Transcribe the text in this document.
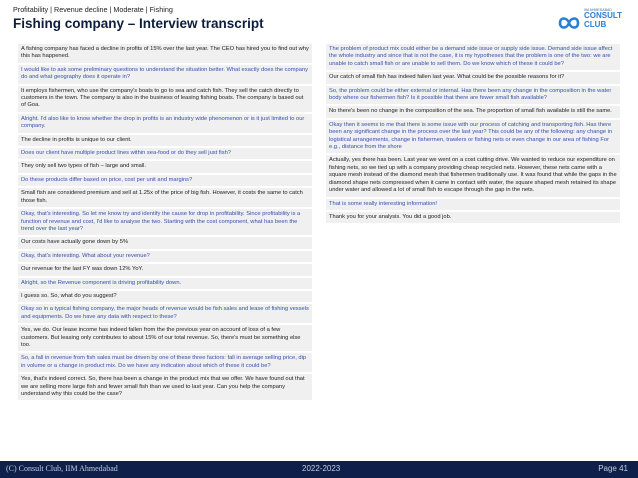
Profitability | Revenue decline | Moderate | Fishing
Fishing company – Interview transcript
IIM AHMEDABAD
CONSULT
CLUB
A fishing company has faced a decline in profits of 15% over the last year. The CEO has hired you to find out why this has happened.
I would like to ask some preliminary questions to understand the situation better. What exactly does the company do and what geography does it operate in?
It employs fishermen, who use the company's boats to go to sea and catch fish. They sell the catch directly to customers in the town. The company is also in the business of leasing fishing boats. The company is based out of Goa.
Alright. I'd also like to know whether the drop in profits is an industry wide phenomenon or is it just limited to our company.
The decline in profits is unique to our client.
Does our client have multiple product lines within sea-food or do they sell just fish?
They only sell two types of fish – large and small.
Do these products differ based on price, cost per unit and margins?
Small fish are considered premium and sell at 1.25x of the price of big fish. However, it costs the same to catch those fish.
Okay, that's interesting. So let me know try and identify the cause for drop in profitability. Since profitability is a function of revenue and cost, I'd like to analyse the two. Starting with the cost component, what has been the trend over the last year?
Our costs have actually gone down by 5%
Okay, that's interesting. What about your revenue?
Our revenue for the last FY was down 12% YoY.
Alright, so the Revenue component is driving profitability down.
I guess so. So, what do you suggest?
Okay so in a typical fishing company, the major heads of revenue would be fish sales and lease of fishing vessels and equipments. Do we have any data with respect to these?
Yes, we do. Our lease income has indeed fallen from the the previous year on account of loss of a few customers. But leasing only contributes to about 15% of our total revenue. So, there's must be something else too.
So, a fall in revenue from fish sales must be driven by one of these three factors: fall in average selling price, dip in volume or a change in product mix. Do we have any indication about which of these it could be?
Yes, that's indeed correct. So, there has been a change in the product mix that we offer. We have found out that we are selling more large fish and fewer small fish than we used to last year. Can you help the company understand why this could be the case?
The problem of product mix could either be a demand side issue or supply side issue. Demand side issue affect the whole industry and since that is not the case, it is my hypotheses that the problem is one of the two: we are unable to catch small fish or are unable to sell them. Do we know which of these it could be?
Our catch of small fish has indeed fallen last year. What could be the possible reasons for it?
So, the problem could be either external or internal. Has there been any change in the composition in the water body where our fishermen fish? Is it possible that there are fewer small fish available?
No there's been no change in the composition of the sea. The proportion of small fish available is still the same.
Okay then it seems to me that there is some issue with our process of catching and transporting fish. Has there been any significant change in the process over the last year? This could be any of the following: any change in logistical arrangements, change in fishermen, trawlers or fishing nets or even change in our area of fishing For e.g., distance from the shore
Actually, yes there has been. Last year we went on a cost cutting drive. We wanted to reduce our expenditure on fishing nets, so we tied up with a company providing cheap recycled nets. However, these nets came with a square mesh instead of the diamond mesh that fishermen traditionally use. It was found that while the gaps in the diamond shape nets compressed when it came in contact with water, the square shaped mesh retained its shape under water and allowed a lot of small fish to escape through the gap in the nets.
That is some really interesting information!
Thank you for your analysis. You did a good job.
(C) Consult Club, IIM Ahmedabad	2022-2023	Page 41
